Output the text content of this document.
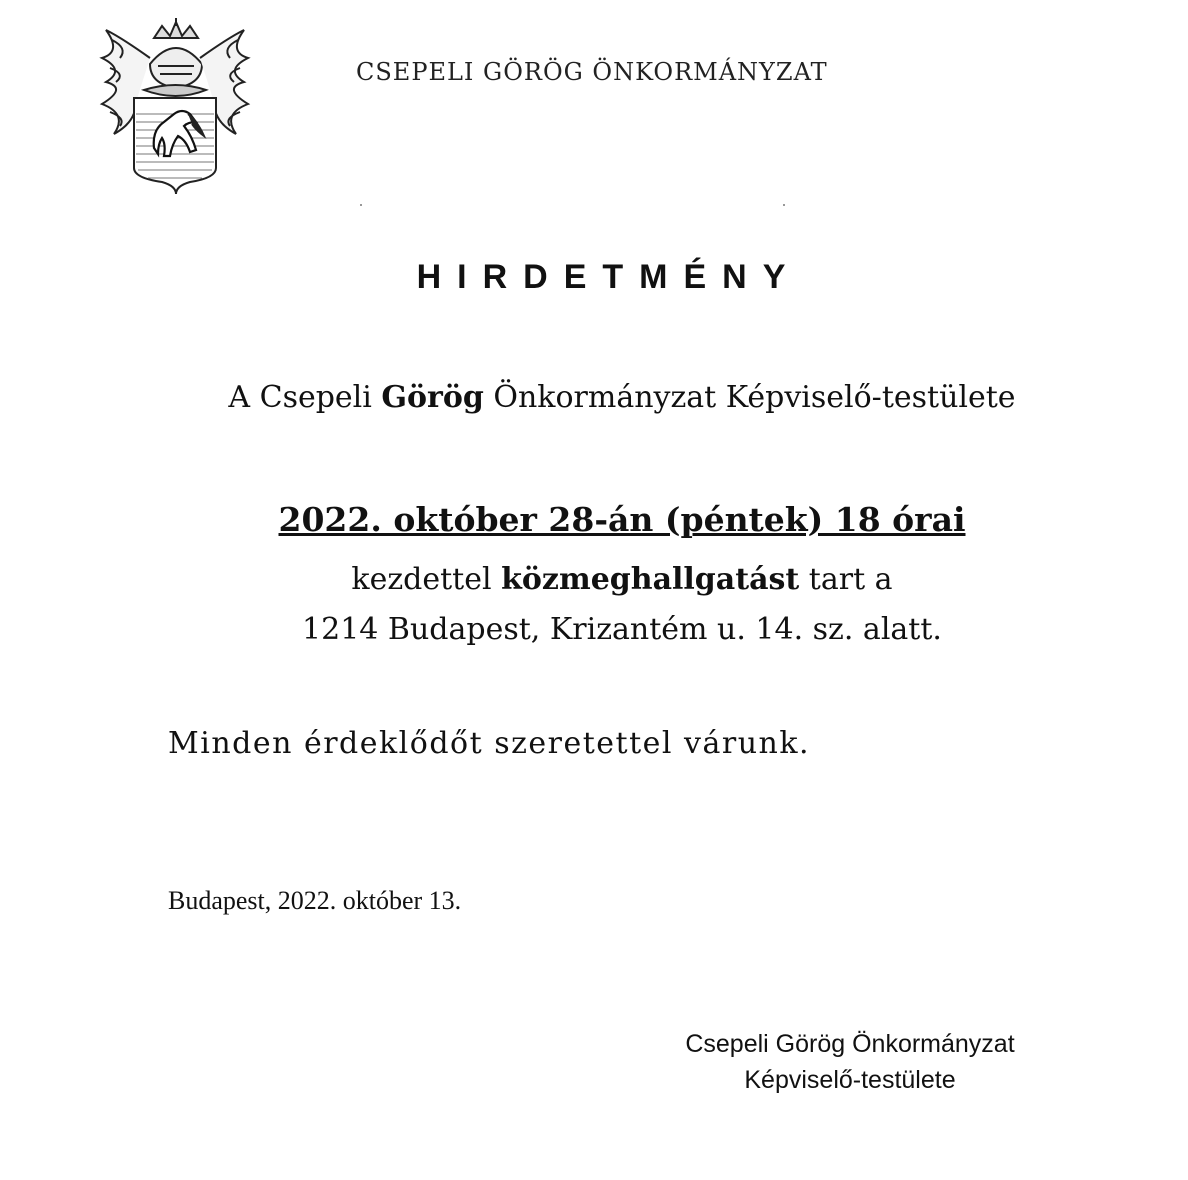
CSEPELI GÖRÖG ÖNKORMÁNYZAT
HIRDETMÉNY
A Csepeli Görög Önkormányzat Képviselő-testülete
2022. október 28-án (péntek) 18 órai
kezdettel közmeghallgatást tart a
1214 Budapest, Krizantém u. 14. sz. alatt.
Minden érdeklődőt szeretettel várunk.
Budapest, 2022. október 13.
Csepeli Görög Önkormányzat
Képviselő-testülete
